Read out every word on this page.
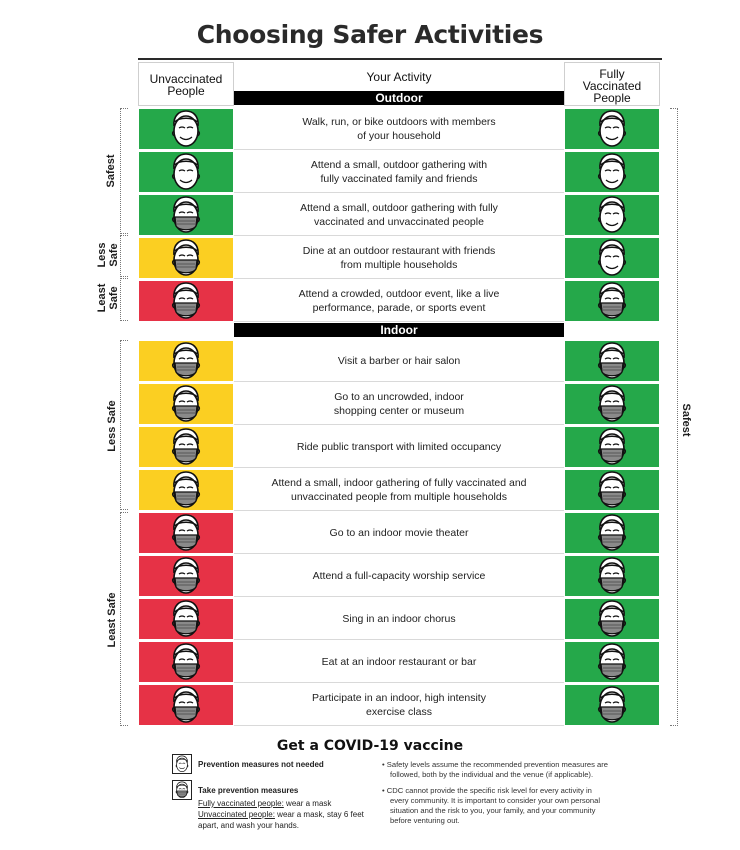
Choosing Safer Activities
Unvaccinated People
Your Activity	Fully Vaccinated People
Outdoor
Indoor
Walk, run, or bike outdoors with members
of your household
Attend a small, outdoor gathering with
fully vaccinated family and friends
Attend a small, outdoor gathering with fully
vaccinated and unvaccinated people
Dine at an outdoor restaurant with friends
from multiple households
Attend a crowded, outdoor event, like a live
performance, parade, or sports event
Visit a barber or hair salon
Go to an uncrowded, indoor
shopping center or museum
Ride public transport with limited occupancy
Attend a small, indoor gathering of fully vaccinated and
unvaccinated people from multiple households
Go to an indoor movie theater
Attend a full-capacity worship service
Sing in an indoor chorus
Eat at an indoor restaurant or bar
Participate in an indoor, high intensity
exercise class
Safest
Less Safe
Least Safe
Less Safe
Least Safe
Safest
Get a COVID-19 vaccine
Prevention measures not needed
Take prevention measures
Fully vaccinated people: wear a mask
Unvaccinated people: wear a mask, stay 6 feet
apart, and wash your hands.
• Safety levels assume the recommended prevention measures are
followed, both by the individual and the venue (if applicable).
• CDC cannot provide the specific risk level for every activity in
every community. It is important to consider your own personal
situation and the risk to you, your family, and your community
before venturing out.
